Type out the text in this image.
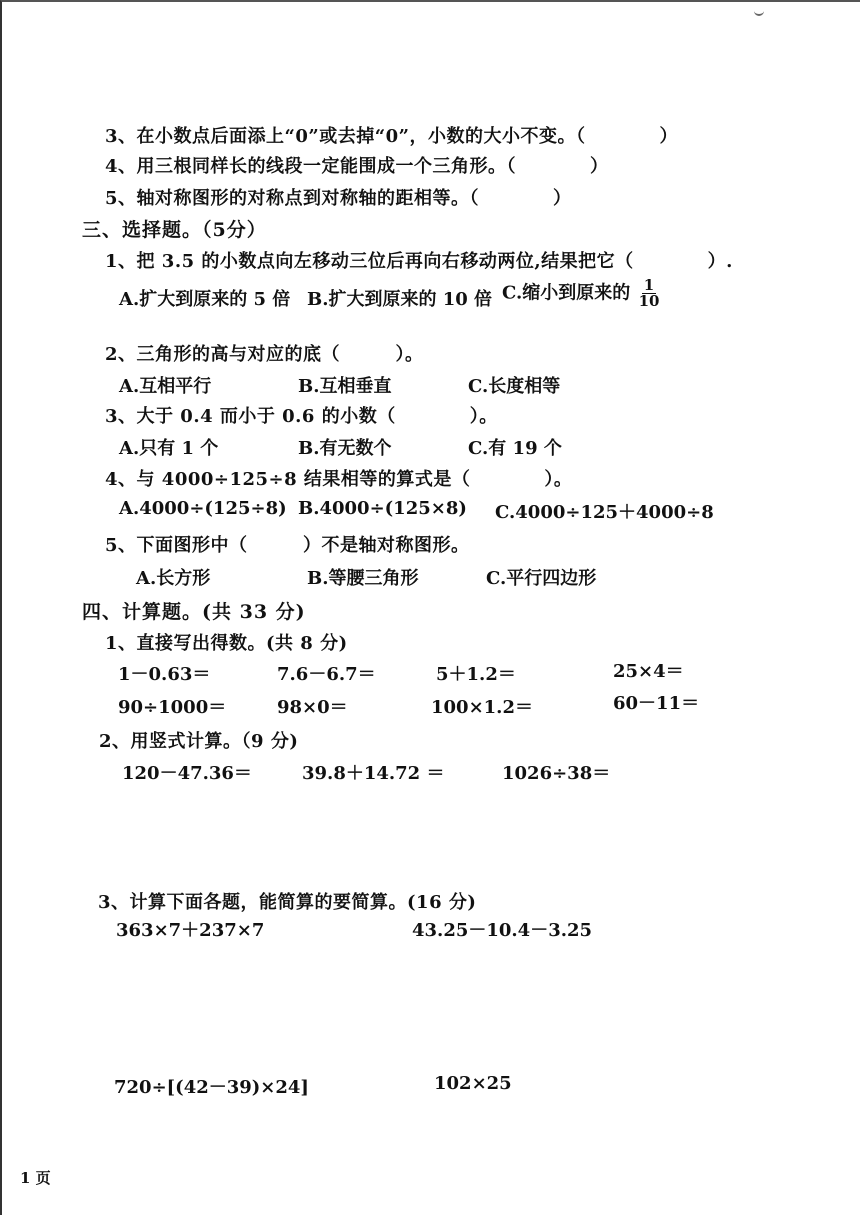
3、在小数点后面添上“0”或去掉“0”，小数的大小不变。（　　　　）
4、用三根同样长的线段一定能围成一个三角形。（　　　　）
5、轴对称图形的对称点到对称轴的距相等。（　　　　）
三、选择题。（5分）
1、把 3.5 的小数点向左移动三位后再向右移动两位,结果把它（　　　　）.
A.扩大到原来的 5 倍 B.扩大到原来的 10 倍 C.缩小到原来的 $\frac{1}{10}$
2、三角形的高与对应的底（　　　）。
A.互相平行	B.互相垂直	C.长度相等
3、大于 0.4 而小于 0.6 的小数（　　　　）。
A.只有 1 个	B.有无数个	C.有 19 个
4、与 4000÷125÷8 结果相等的算式是（　　　　）。
A.4000÷(125÷8) B.4000÷(125×8) C.4000÷125＋4000÷8
5、下面图形中（　　　）不是轴对称图形。
A.长方形	B.等腰三角形	C.平行四边形
四、计算题。(共 33 分)
1、直接写出得数。(共 8 分)
1－0.63＝	7.6－6.7＝	5＋1.2＝	25×4＝
90÷1000＝	98×0＝	100×1.2＝	60－11＝
2、用竖式计算。（9 分)
120－47.36＝	39.8＋14.72 ＝	1026÷38＝
3、计算下面各题，能简算的要简算。(16 分)
363×7＋237×7	43.25－10.4－3.25
720÷[(42－39)×24]	102×25
1 页
